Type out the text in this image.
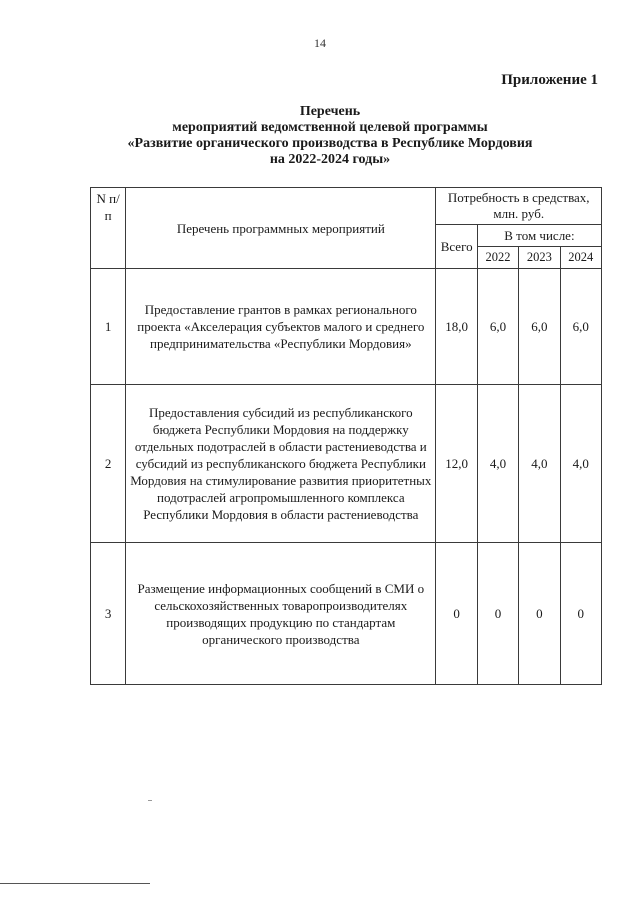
14
Приложение 1
Перечень
мероприятий ведомственной целевой программы
«Развитие органического производства в Республике Мордовия
на 2022-2024 годы»
N п/п	Перечень программных мероприятий	Потребность в средствах, млн. руб.			
		Всего	В том числе:		
			2022	2023	2024
1	Предоставление грантов в рамках регионального проекта «Акселерация субъектов малого и среднего предпринимательства «Республики Мордовия»	18,0	6,0	6,0	6,0
2	Предоставления субсидий из республиканского бюджета Республики Мордовия на поддержку отдельных подотраслей в области растениеводства и субсидий из республиканского бюджета Республики Мордовия на стимулирование развития приоритетных подотраслей агропромышленного комплекса Республики Мордовия в области растениеводства	12,0	4,0	4,0	4,0
3	Размещение информационных сообщений в СМИ о сельскохозяйственных товаропроизводителях производящих продукцию по стандартам органического производства	0	0	0	0
